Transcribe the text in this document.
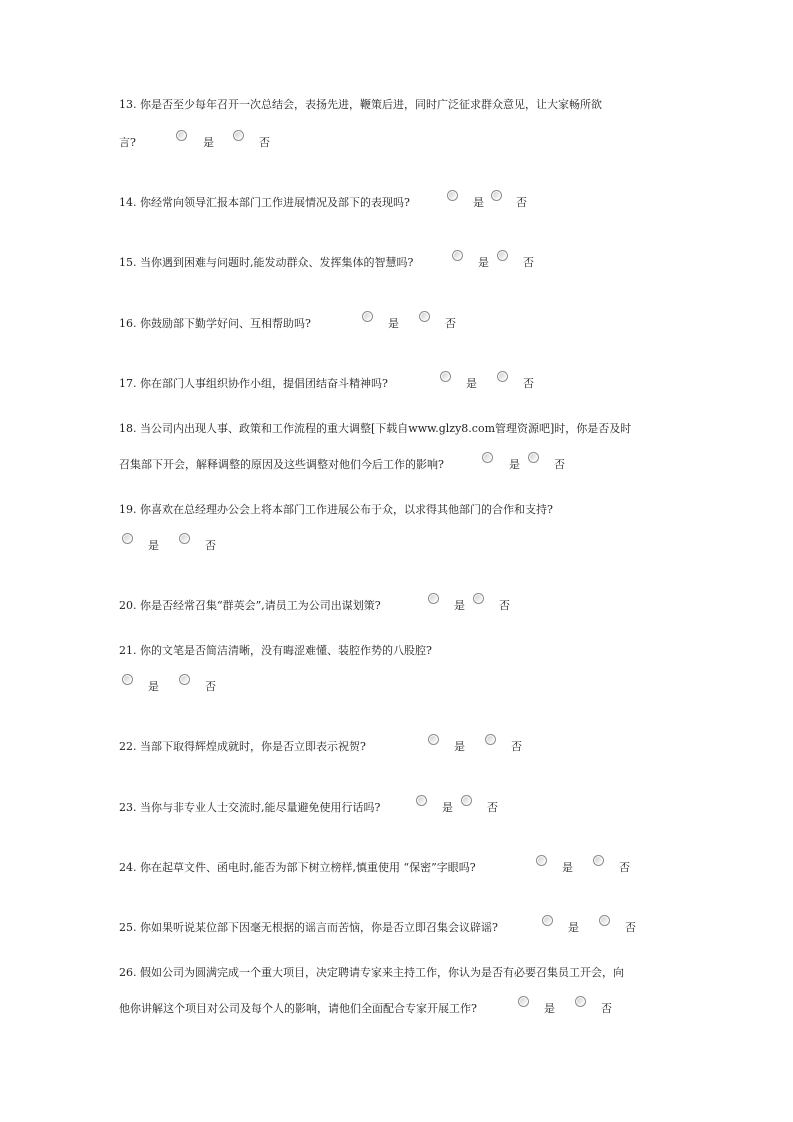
13. 你是否至少每年召开一次总结会，表扬先进，鞭策后进，同时广泛征求群众意见，让大家畅所欲
言?	是	否
14. 你经常向领导汇报本部门工作进展情况及部下的表现吗?	是	否
15. 当你遇到困难与问题时,能发动群众、发挥集体的智慧吗?	是	否
16. 你鼓励部下勤学好问、互相帮助吗?	是	否
17. 你在部门人事组织协作小组，提倡团结奋斗精神吗?	是	否
18. 当公司内出现人事、政策和工作流程的重大调整[下载自www.glzy8.com管理资源吧]时，你是否及时
召集部下开会，解释调整的原因及这些调整对他们今后工作的影响?	是	否
19. 你喜欢在总经理办公会上将本部门工作进展公布于众，以求得其他部门的合作和支持?
是	否
20. 你是否经常召集“群英会”,请员工为公司出谋划策?	是	否
21. 你的文笔是否简洁清晰，没有晦涩难懂、装腔作势的八股腔?
是	否
22. 当部下取得辉煌成就时，你是否立即表示祝贺?	是	否
23. 当你与非专业人士交流时,能尽量避免使用行话吗?	是	否
24. 你在起草文件、函电时,能否为部下树立榜样,慎重使用 “保密”字眼吗?	是	否
25. 你如果听说某位部下因毫无根据的谣言而苦恼，你是否立即召集会议辟谣?	是	否
26. 假如公司为圆满完成一个重大项目，决定聘请专家来主持工作，你认为是否有必要召集员工开会，向
他你讲解这个项目对公司及每个人的影响，请他们全面配合专家开展工作?	是	否
